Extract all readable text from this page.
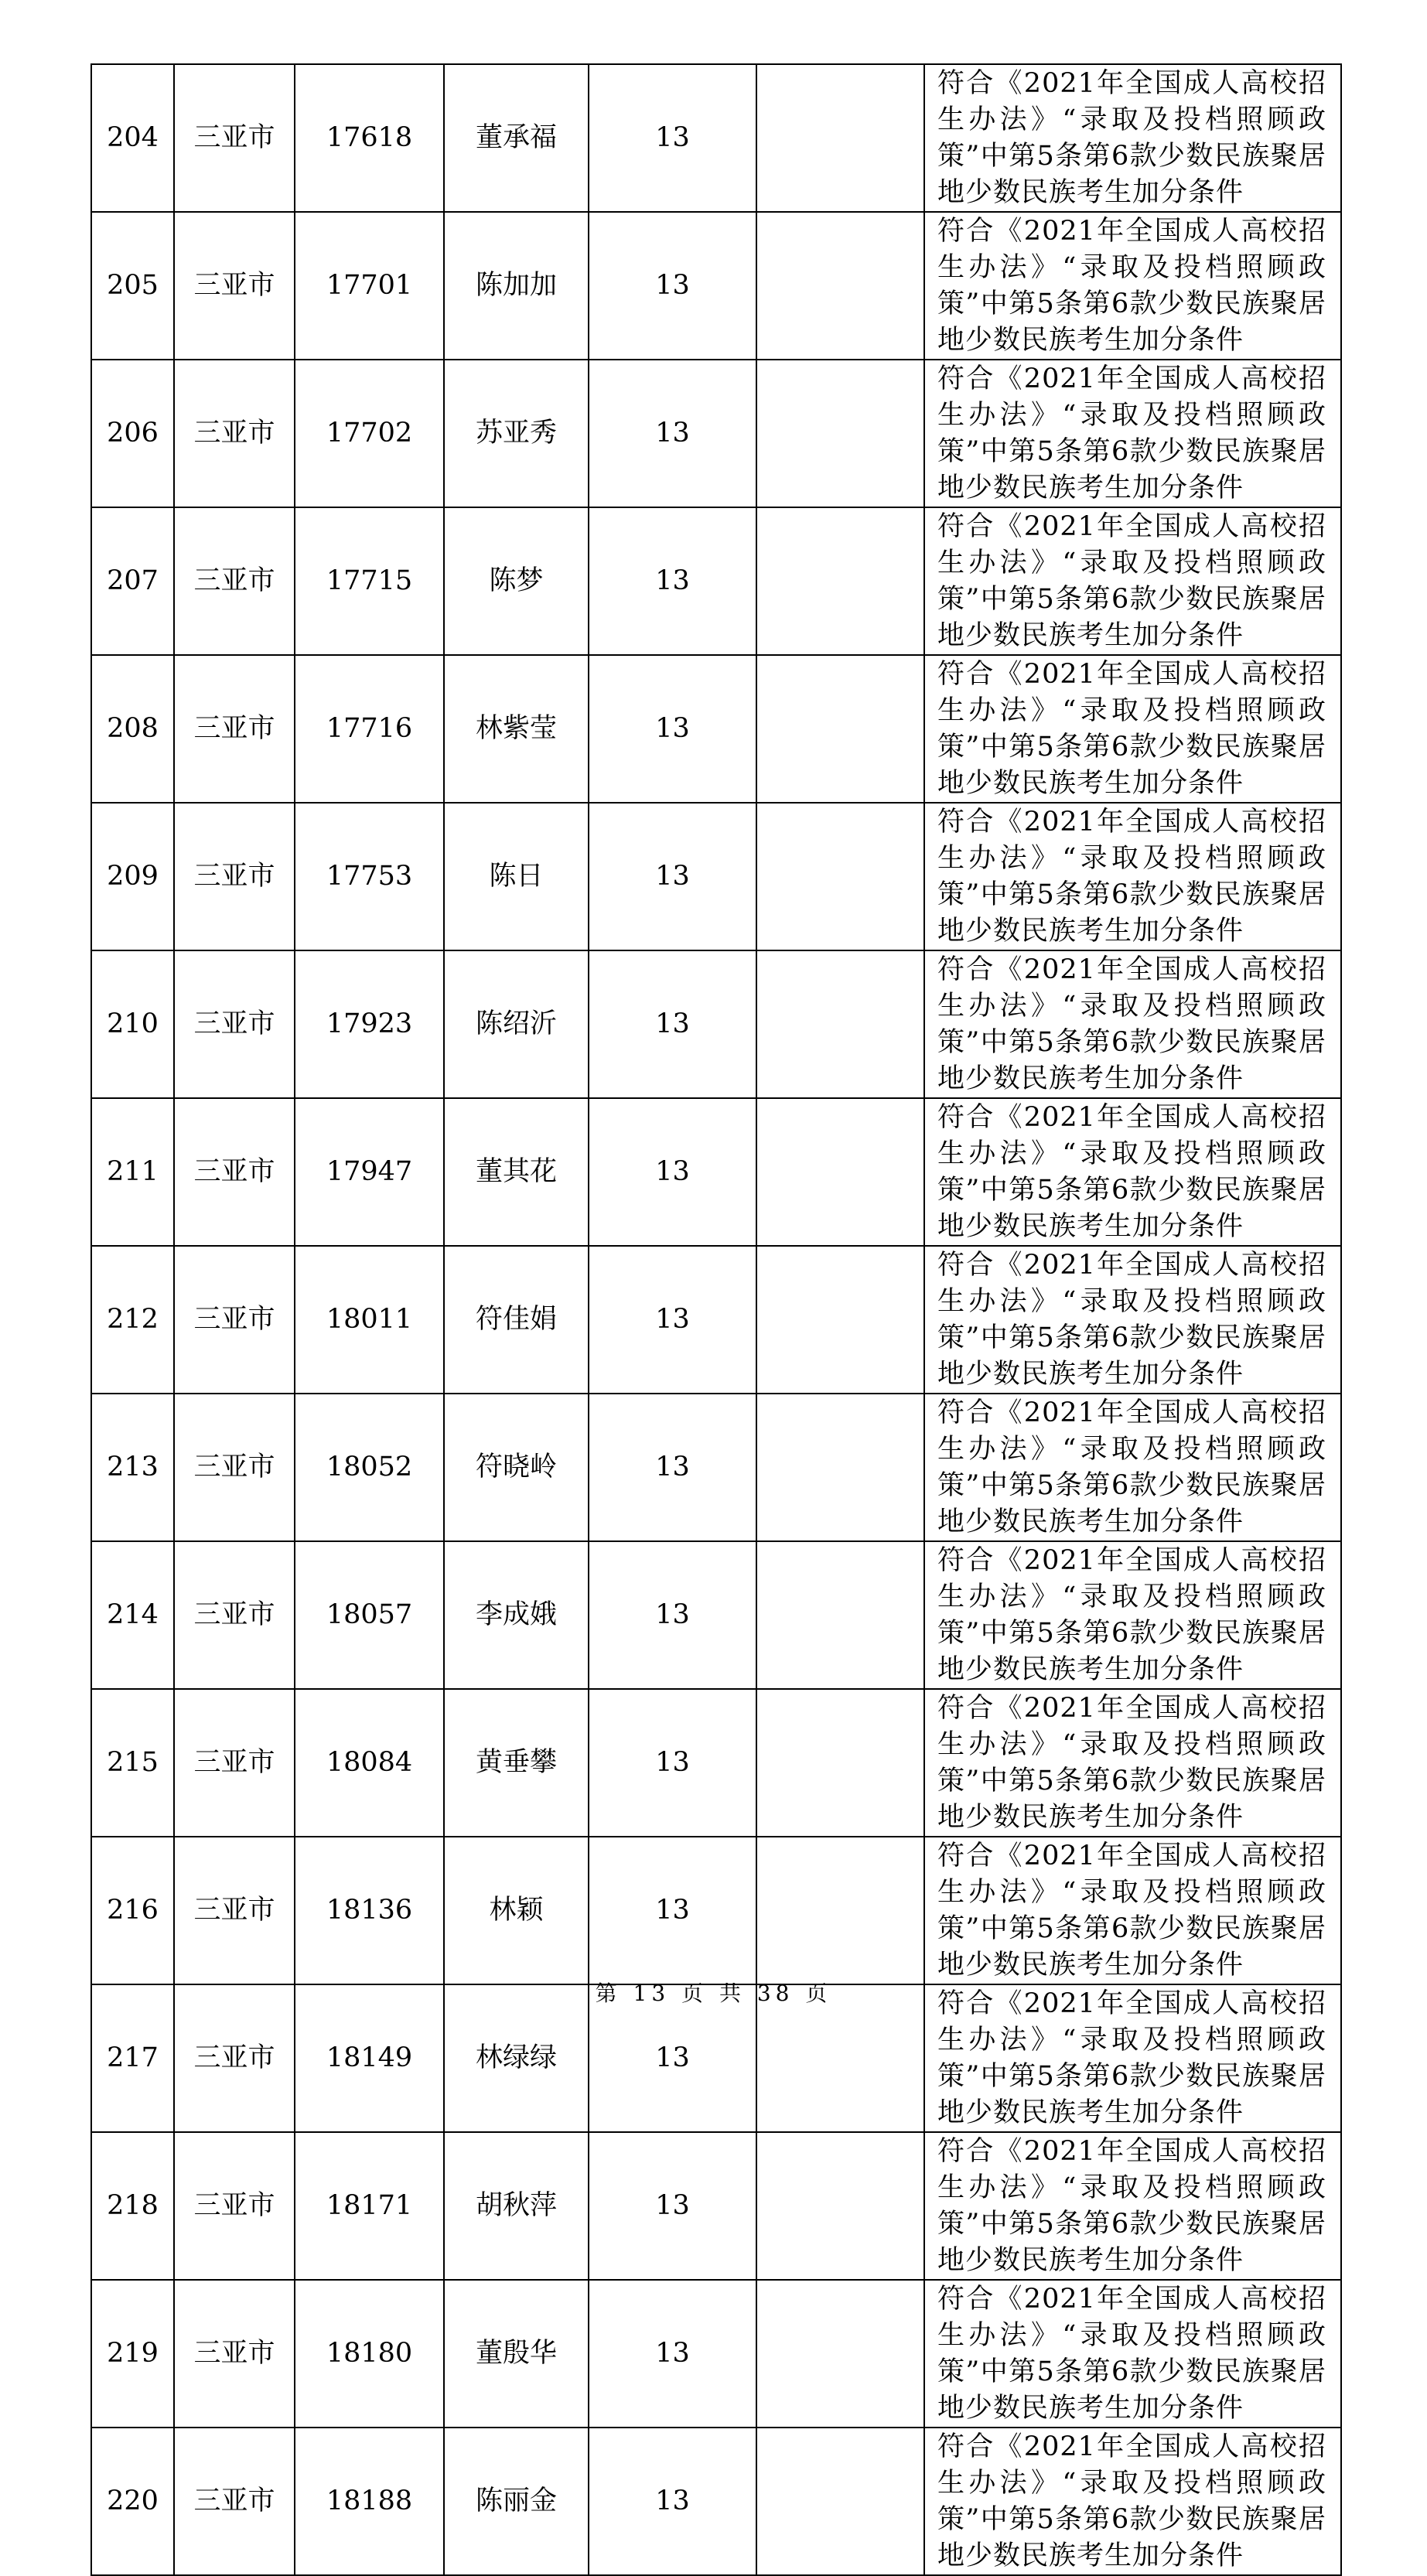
204	三亚市	17618	董承福	13		符合《2021年全国成人高校招生办法》“录取及投档照顾政策”中第5条第6款少数民族聚居地少数民族考生加分条件
205	三亚市	17701	陈加加	13		符合《2021年全国成人高校招生办法》“录取及投档照顾政策”中第5条第6款少数民族聚居地少数民族考生加分条件
206	三亚市	17702	苏亚秀	13		符合《2021年全国成人高校招生办法》“录取及投档照顾政策”中第5条第6款少数民族聚居地少数民族考生加分条件
207	三亚市	17715	陈梦	13		符合《2021年全国成人高校招生办法》“录取及投档照顾政策”中第5条第6款少数民族聚居地少数民族考生加分条件
208	三亚市	17716	林紫莹	13		符合《2021年全国成人高校招生办法》“录取及投档照顾政策”中第5条第6款少数民族聚居地少数民族考生加分条件
209	三亚市	17753	陈日	13		符合《2021年全国成人高校招生办法》“录取及投档照顾政策”中第5条第6款少数民族聚居地少数民族考生加分条件
210	三亚市	17923	陈绍沂	13		符合《2021年全国成人高校招生办法》“录取及投档照顾政策”中第5条第6款少数民族聚居地少数民族考生加分条件
211	三亚市	17947	董其花	13		符合《2021年全国成人高校招生办法》“录取及投档照顾政策”中第5条第6款少数民族聚居地少数民族考生加分条件
212	三亚市	18011	符佳娟	13		符合《2021年全国成人高校招生办法》“录取及投档照顾政策”中第5条第6款少数民族聚居地少数民族考生加分条件
213	三亚市	18052	符晓岭	13		符合《2021年全国成人高校招生办法》“录取及投档照顾政策”中第5条第6款少数民族聚居地少数民族考生加分条件
214	三亚市	18057	李成娥	13		符合《2021年全国成人高校招生办法》“录取及投档照顾政策”中第5条第6款少数民族聚居地少数民族考生加分条件
215	三亚市	18084	黄垂攀	13		符合《2021年全国成人高校招生办法》“录取及投档照顾政策”中第5条第6款少数民族聚居地少数民族考生加分条件
216	三亚市	18136	林颖	13		符合《2021年全国成人高校招生办法》“录取及投档照顾政策”中第5条第6款少数民族聚居地少数民族考生加分条件
217	三亚市	18149	林绿绿	13		符合《2021年全国成人高校招生办法》“录取及投档照顾政策”中第5条第6款少数民族聚居地少数民族考生加分条件
218	三亚市	18171	胡秋萍	13		符合《2021年全国成人高校招生办法》“录取及投档照顾政策”中第5条第6款少数民族聚居地少数民族考生加分条件
219	三亚市	18180	董殷华	13		符合《2021年全国成人高校招生办法》“录取及投档照顾政策”中第5条第6款少数民族聚居地少数民族考生加分条件
220	三亚市	18188	陈丽金	13		符合《2021年全国成人高校招生办法》“录取及投档照顾政策”中第5条第6款少数民族聚居地少数民族考生加分条件
第 13 页 共 38 页
